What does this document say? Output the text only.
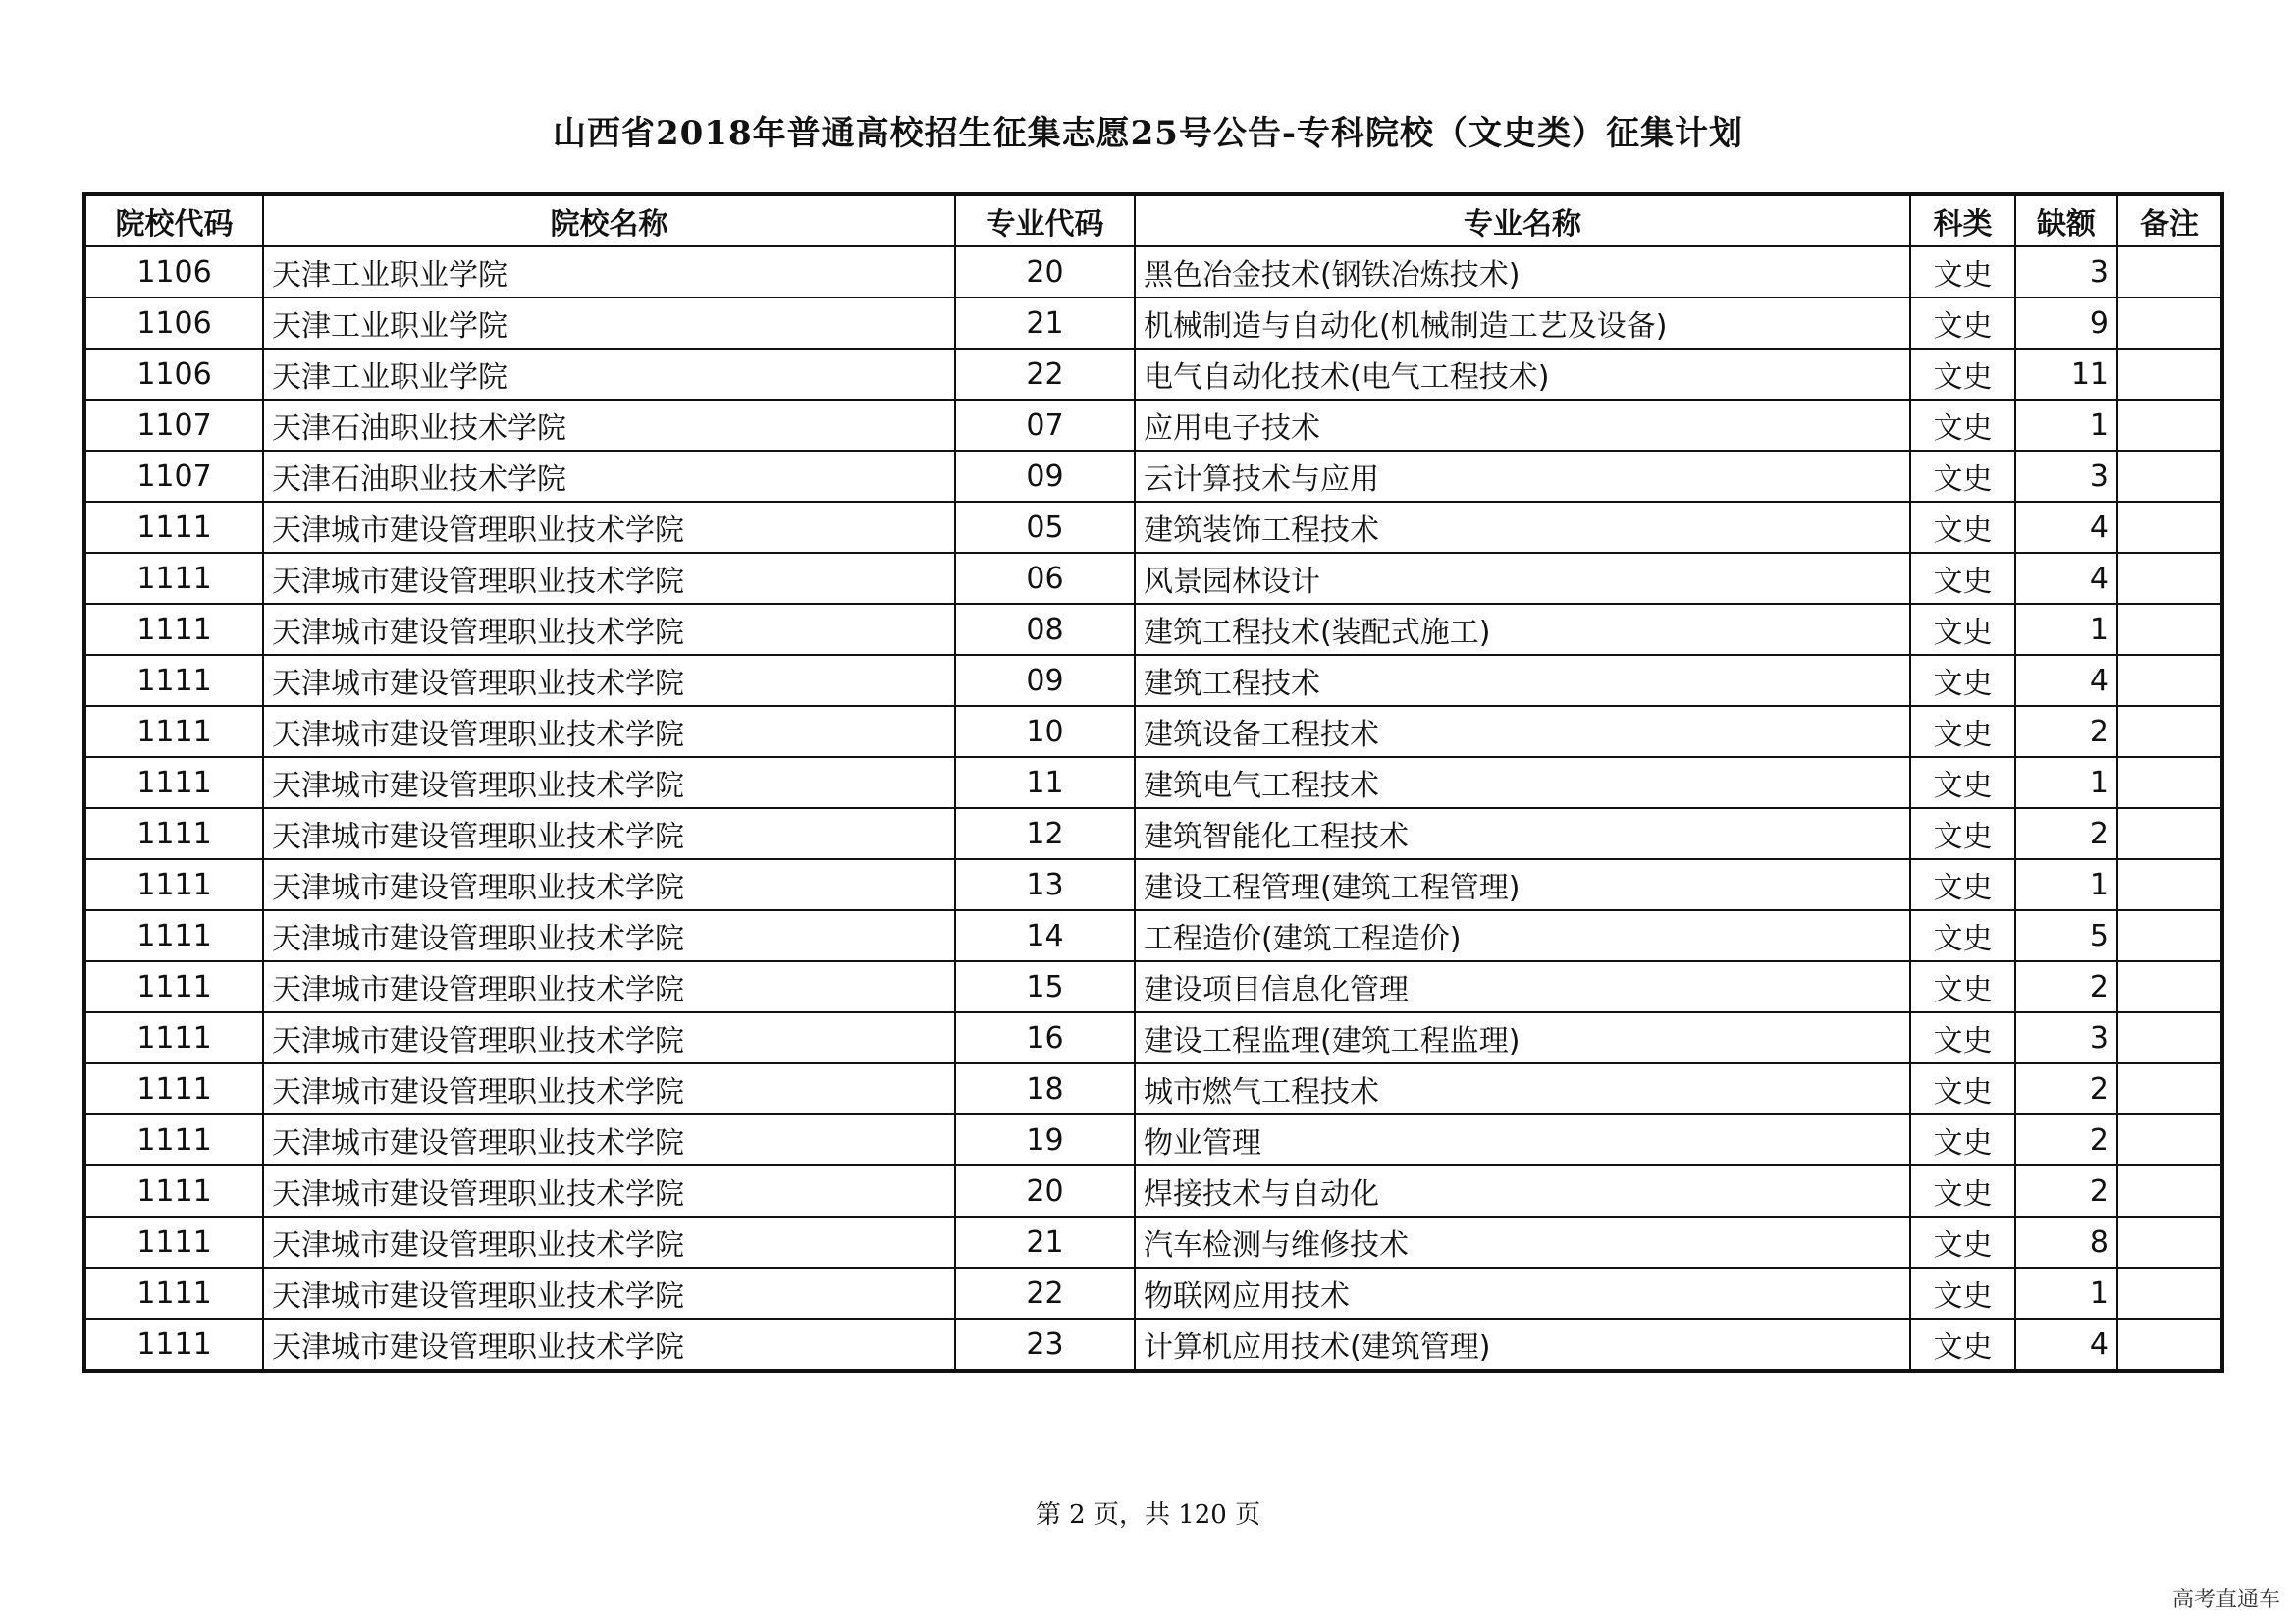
山西省2018年普通高校招生征集志愿25号公告-专科院校（文史类）征集计划
院校代码	院校名称	专业代码	专业名称	科类	缺额	备注
1106	天津工业职业学院	20	黑色冶金技术(钢铁冶炼技术)	文史	3	
1106	天津工业职业学院	21	机械制造与自动化(机械制造工艺及设备)	文史	9	
1106	天津工业职业学院	22	电气自动化技术(电气工程技术)	文史	11	
1107	天津石油职业技术学院	07	应用电子技术	文史	1	
1107	天津石油职业技术学院	09	云计算技术与应用	文史	3	
1111	天津城市建设管理职业技术学院	05	建筑装饰工程技术	文史	4	
1111	天津城市建设管理职业技术学院	06	风景园林设计	文史	4	
1111	天津城市建设管理职业技术学院	08	建筑工程技术(装配式施工)	文史	1	
1111	天津城市建设管理职业技术学院	09	建筑工程技术	文史	4	
1111	天津城市建设管理职业技术学院	10	建筑设备工程技术	文史	2	
1111	天津城市建设管理职业技术学院	11	建筑电气工程技术	文史	1	
1111	天津城市建设管理职业技术学院	12	建筑智能化工程技术	文史	2	
1111	天津城市建设管理职业技术学院	13	建设工程管理(建筑工程管理)	文史	1	
1111	天津城市建设管理职业技术学院	14	工程造价(建筑工程造价)	文史	5	
1111	天津城市建设管理职业技术学院	15	建设项目信息化管理	文史	2	
1111	天津城市建设管理职业技术学院	16	建设工程监理(建筑工程监理)	文史	3	
1111	天津城市建设管理职业技术学院	18	城市燃气工程技术	文史	2	
1111	天津城市建设管理职业技术学院	19	物业管理	文史	2	
1111	天津城市建设管理职业技术学院	20	焊接技术与自动化	文史	2	
1111	天津城市建设管理职业技术学院	21	汽车检测与维修技术	文史	8	
1111	天津城市建设管理职业技术学院	22	物联网应用技术	文史	1	
1111	天津城市建设管理职业技术学院	23	计算机应用技术(建筑管理)	文史	4	
第 2 页，共 120 页
高考直通车
